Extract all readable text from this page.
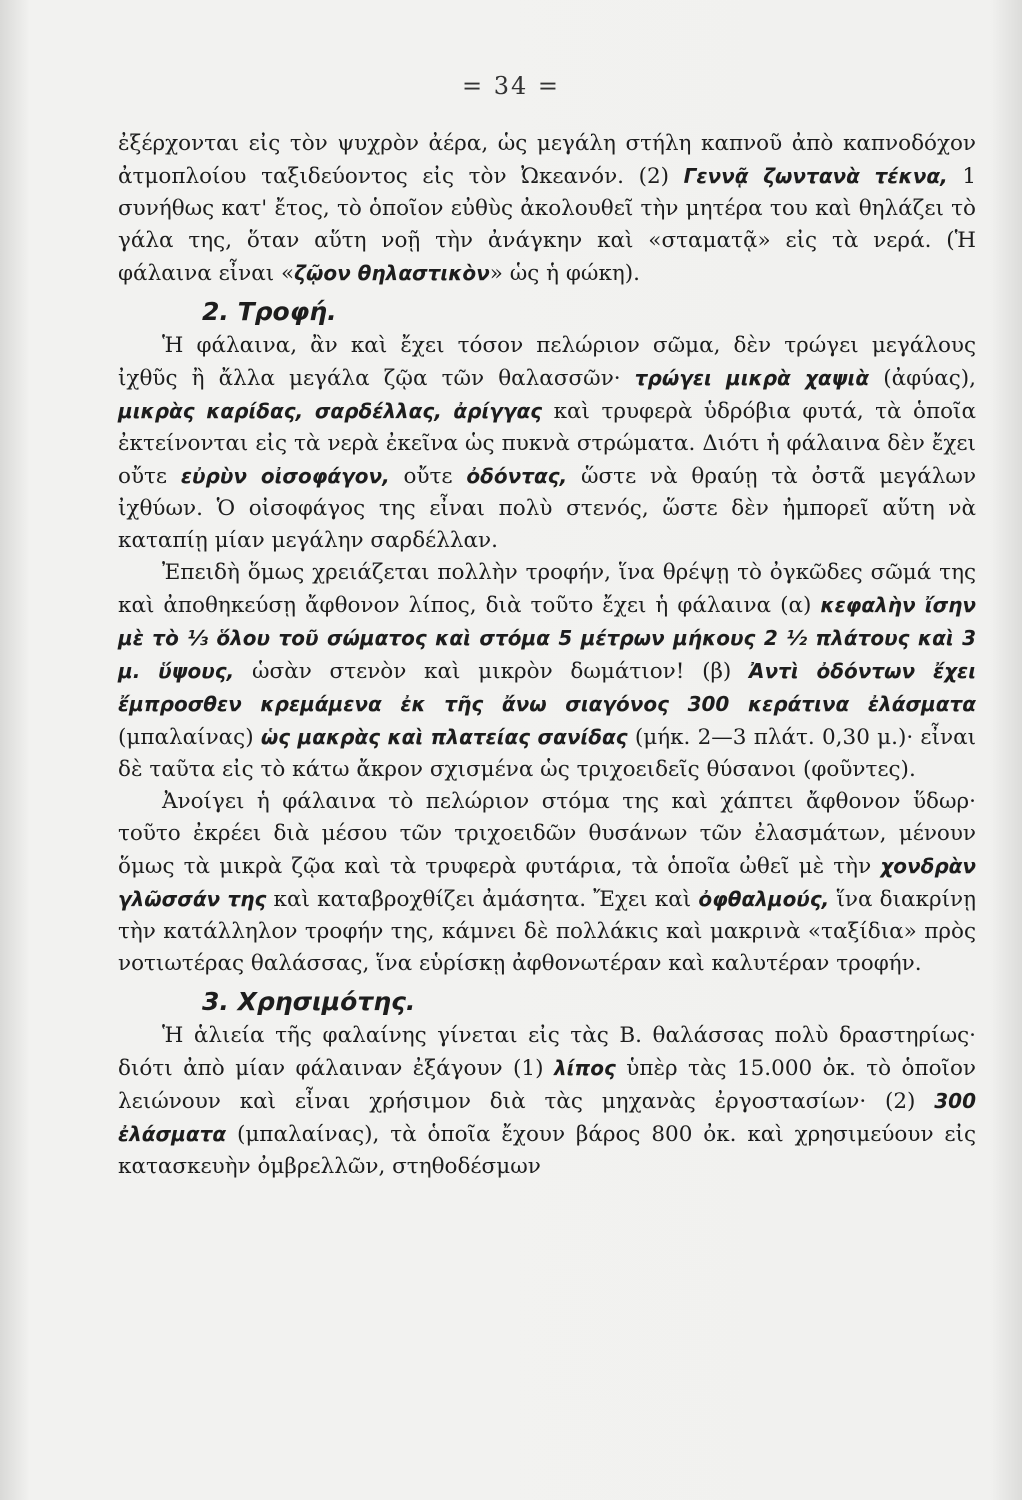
= 34 =

ἐξέρχονται εἰς τὸν ψυχρὸν ἀέρα, ὡς μεγάλη στήλη καπνοῦ ἀπὸ καπνοδόχον ἀτμοπλοίου ταξιδεύοντος εἰς τὸν Ὠκεανόν. (2) Γεννᾷ ζωντανὰ τέκνα, 1 συνήθως κατ' ἔτος, τὸ ὁποῖον εὐθὺς ἀκολουθεῖ τὴν μητέρα του καὶ θηλάζει τὸ γάλα της, ὅταν αὕτη νοῇ τὴν ἀνάγκην καὶ «σταματᾷ» εἰς τὰ νερά. (Ἡ φάλαινα εἶναι «ζῷον θηλαστικὸν» ὡς ἡ φώκη).

2. Τροφή.

Ἡ φάλαινα, ἂν καὶ ἔχει τόσον πελώριον σῶμα, δὲν τρώγει μεγάλους ἰχθῦς ἢ ἄλλα μεγάλα ζῷα τῶν θαλασσῶν· τρώγει μικρὰ χαψιὰ (ἀφύας), μικρὰς καρίδας, σαρδέλλας, ἀρίγγας καὶ τρυφερὰ ὑδρόβια φυτά, τὰ ὁποῖα ἐκτείνονται εἰς τὰ νερὰ ἐκεῖνα ὡς πυκνὰ στρώματα. Διότι ἡ φάλαινα δὲν ἔχει οὔτε εὐρὺν οἰσοφάγον, οὔτε ὀδόντας, ὥστε νὰ θραύῃ τὰ ὀστᾶ μεγάλων ἰχθύων. Ὁ οἰσοφάγος της εἶναι πολὺ στενός, ὥστε δὲν ἠμπορεῖ αὕτη νὰ καταπίῃ μίαν μεγάλην σαρδέλλαν.

Ἐπειδὴ ὅμως χρειάζεται πολλὴν τροφήν, ἵνα θρέψῃ τὸ ὀγκῶδες σῶμά της καὶ ἀποθηκεύσῃ ἄφθονον λίπος, διὰ τοῦτο ἔχει ἡ φάλαινα (α) κεφαλὴν ἴσην μὲ τὸ ⅓ ὅλου τοῦ σώματος καὶ στόμα 5 μέτρων μήκους 2 ½ πλάτους καὶ 3 μ. ὕψους, ὡσὰν στενὸν καὶ μικρὸν δωμάτιον! (β) Ἀντὶ ὀδόντων ἔχει ἔμπροσθεν κρεμάμενα ἐκ τῆς ἄνω σιαγόνος 300 κεράτινα ἐλάσματα (μπαλαίνας) ὡς μακρὰς καὶ πλατείας σανίδας (μήκ. 2—3 πλάτ. 0,30 μ.)· εἶναι δὲ ταῦτα εἰς τὸ κάτω ἄκρον σχισμένα ὡς τριχοειδεῖς θύσανοι (φοῦντες).

Ἀνοίγει ἡ φάλαινα τὸ πελώριον στόμα της καὶ χάπτει ἄφθονον ὕδωρ· τοῦτο ἐκρέει διὰ μέσου τῶν τριχοειδῶν θυσάνων τῶν ἐλασμάτων, μένουν ὅμως τὰ μικρὰ ζῷα καὶ τὰ τρυφερὰ φυτάρια, τὰ ὁποῖα ὠθεῖ μὲ τὴν χονδρὰν γλῶσσάν της καὶ καταβροχθίζει ἀμάσητα. Ἔχει καὶ ὀφθαλμούς, ἵνα διακρίνῃ τὴν κατάλληλον τροφήν της, κάμνει δὲ πολλάκις καὶ μακρινὰ «ταξίδια» πρὸς νοτιωτέρας θαλάσσας, ἵνα εὑρίσκῃ ἀφθονωτέραν καὶ καλυτέραν τροφήν.

3. Χρησιμότης.

Ἡ ἁλιεία τῆς φαλαίνης γίνεται εἰς τὰς Β. θαλάσσας πολὺ δραστηρίως· διότι ἀπὸ μίαν φάλαιναν ἐξάγουν (1) λίπος ὑπὲρ τὰς 15.000 ὀκ. τὸ ὁποῖον λειώνουν καὶ εἶναι χρήσιμον διὰ τὰς μηχανὰς ἐργοστασίων· (2) 300 ἐλάσματα (μπαλαίνας), τὰ ὁποῖα ἔχουν βάρος 800 ὀκ. καὶ χρησιμεύουν εἰς κατασκευὴν ὀμβρελλῶν, στηθοδέσμων
